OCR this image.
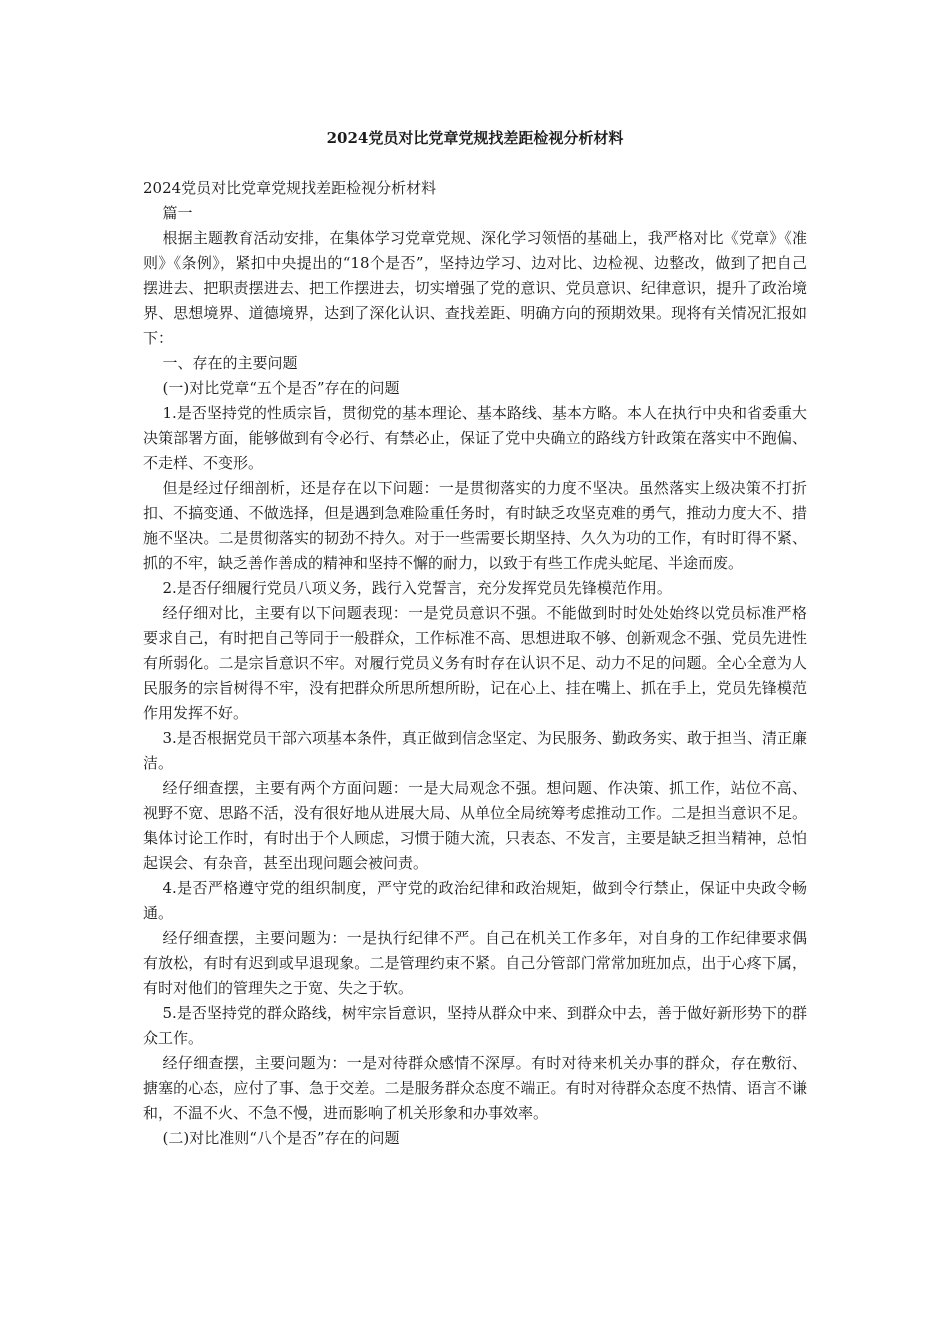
2024党员对比党章党规找差距检视分析材料

2024党员对比党章党规找差距检视分析材料

篇一

根据主题教育活动安排，在集体学习党章党规、深化学习领悟的基础上，我严格对比《党章》《准则》《条例》，紧扣中央提出的“18个是否”，坚持边学习、边对比、边检视、边整改，做到了把自己摆进去、把职责摆进去、把工作摆进去，切实增强了党的意识、党员意识、纪律意识，提升了政治境界、思想境界、道德境界，达到了深化认识、查找差距、明确方向的预期效果。现将有关情况汇报如下：

一、存在的主要问题

(一)对比党章“五个是否”存在的问题

1.是否坚持党的性质宗旨，贯彻党的基本理论、基本路线、基本方略。本人在执行中央和省委重大决策部署方面，能够做到有令必行、有禁必止，保证了党中央确立的路线方针政策在落实中不跑偏、不走样、不变形。

但是经过仔细剖析，还是存在以下问题：一是贯彻落实的力度不坚决。虽然落实上级决策不打折扣、不搞变通、不做选择，但是遇到急难险重任务时，有时缺乏攻坚克难的勇气，推动力度大不、措施不坚决。二是贯彻落实的韧劲不持久。对于一些需要长期坚持、久久为功的工作，有时盯得不紧、抓的不牢，缺乏善作善成的精神和坚持不懈的耐力，以致于有些工作虎头蛇尾、半途而废。

2.是否仔细履行党员八项义务，践行入党誓言，充分发挥党员先锋模范作用。

经仔细对比，主要有以下问题表现：一是党员意识不强。不能做到时时处处始终以党员标准严格要求自己，有时把自己等同于一般群众，工作标准不高、思想进取不够、创新观念不强、党员先进性有所弱化。二是宗旨意识不牢。对履行党员义务有时存在认识不足、动力不足的问题。全心全意为人民服务的宗旨树得不牢，没有把群众所思所想所盼，记在心上、挂在嘴上、抓在手上，党员先锋模范作用发挥不好。

3.是否根据党员干部六项基本条件，真正做到信念坚定、为民服务、勤政务实、敢于担当、清正廉洁。

经仔细查摆，主要有两个方面问题：一是大局观念不强。想问题、作决策、抓工作，站位不高、视野不宽、思路不活，没有很好地从进展大局、从单位全局统筹考虑推动工作。二是担当意识不足。集体讨论工作时，有时出于个人顾虑，习惯于随大流，只表态、不发言，主要是缺乏担当精神，总怕起误会、有杂音，甚至出现问题会被问责。

4.是否严格遵守党的组织制度，严守党的政治纪律和政治规矩，做到令行禁止，保证中央政令畅通。

经仔细查摆，主要问题为：一是执行纪律不严。自己在机关工作多年，对自身的工作纪律要求偶有放松，有时有迟到或早退现象。二是管理约束不紧。自己分管部门常常加班加点，出于心疼下属，有时对他们的管理失之于宽、失之于软。

5.是否坚持党的群众路线，树牢宗旨意识，坚持从群众中来、到群众中去，善于做好新形势下的群众工作。

经仔细查摆，主要问题为：一是对待群众感情不深厚。有时对待来机关办事的群众，存在敷衍、搪塞的心态，应付了事、急于交差。二是服务群众态度不端正。有时对待群众态度不热情、语言不谦和，不温不火、不急不慢，进而影响了机关形象和办事效率。

(二)对比准则“八个是否”存在的问题
